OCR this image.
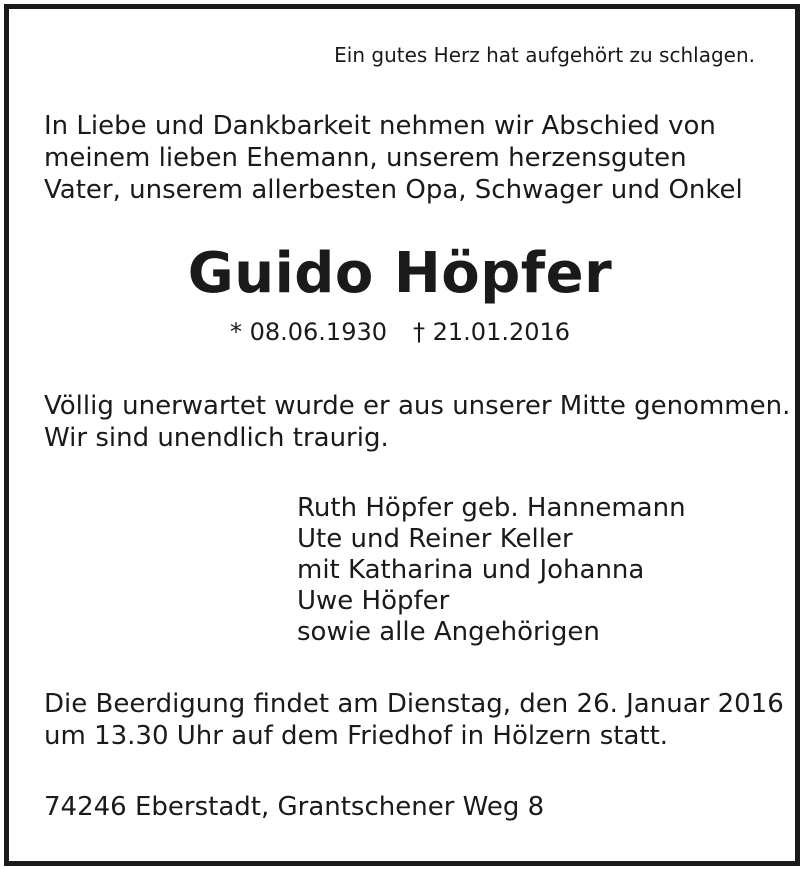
Ein gutes Herz hat aufgehört zu schlagen.

In Liebe und Dankbarkeit nehmen wir Abschied von
meinem lieben Ehemann, unserem herzensguten
Vater, unserem allerbesten Opa, Schwager und Onkel
Guido Höpfer
* 08.06.1930 † 21.01.2016
Völlig unerwartet wurde er aus unserer Mitte genommen.
Wir sind unendlich traurig.
Ruth Höpfer geb. Hannemann
Ute und Reiner Keller
mit Katharina und Johanna
Uwe Höpfer
sowie alle Angehörigen
Die Beerdigung findet am Dienstag, den 26. Januar 2016
um 13.30 Uhr auf dem Friedhof in Hölzern statt.

74246 Eberstadt, Grantschener Weg 8
